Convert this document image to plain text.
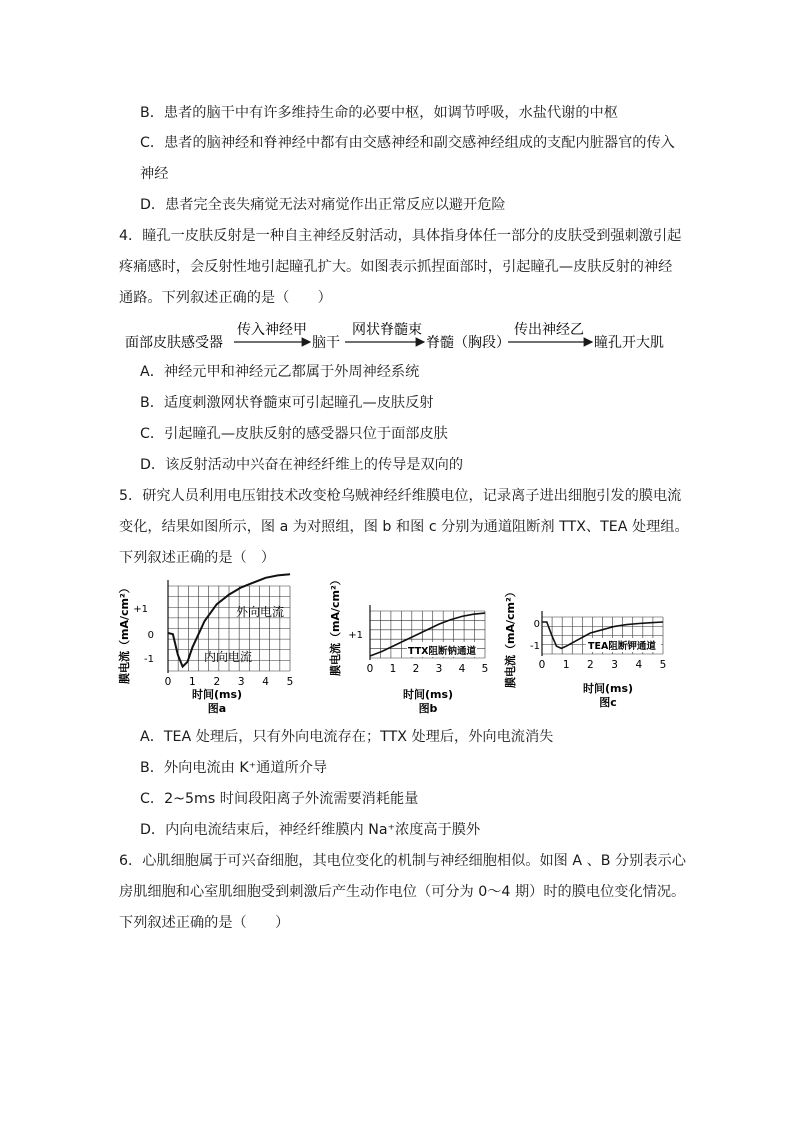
B．患者的脑干中有许多维持生命的必要中枢，如调节呼吸，水盐代谢的中枢
C．患者的脑神经和脊神经中都有由交感神经和副交感神经组成的支配内脏器官的传入
神经
D．患者完全丧失痛觉无法对痛觉作出正常反应以避开危险
4．瞳孔一皮肤反射是一种自主神经反射活动，具体指身体任一部分的皮肤受到强刺激引起
疼痛感时，会反射性地引起瞳孔扩大。如图表示抓捏面部时，引起瞳孔—皮肤反射的神经
通路。下列叙述正确的是（　　）
面部皮肤感受器
传入神经甲
脑干
网状脊髓束
脊髓（胸段）
传出神经乙
瞳孔开大肌
A．神经元甲和神经元乙都属于外周神经系统
B．适度刺激网状脊髓束可引起瞳孔—皮肤反射
C．引起瞳孔—皮肤反射的感受器只位于面部皮肤
D．该反射活动中兴奋在神经纤维上的传导是双向的
5．研究人员利用电压钳技术改变枪乌贼神经纤维膜电位，记录离子进出细胞引发的膜电流
变化，结果如图所示，图 a 为对照组，图 b 和图 c 分别为通道阻断剂 TTX、TEA 处理组。
下列叙述正确的是（　）
膜电流（mA/cm²） +1
0
-1
外向电流
内向电流
0 1 2 3 4 5
时间(ms)
图a
膜电流（mA/cm²） +1
TTX阻断钠通道
0 1 2 3 4 5
时间(ms)
图b
膜电流（mA/cm²） 0
-1	TEA阻断钾通道
0 1 2 3 4 5
时间(ms)
图c
A．TEA 处理后，只有外向电流存在；TTX 处理后，外向电流消失
B．外向电流由 K⁺通道所介导
C．2~5ms 时间段阳离子外流需要消耗能量
D．内向电流结束后，神经纤维膜内 Na⁺浓度高于膜外
6．心肌细胞属于可兴奋细胞，其电位变化的机制与神经细胞相似。如图 A 、B 分别表示心
房肌细胞和心室肌细胞受到刺激后产生动作电位（可分为 0～4 期）时的膜电位变化情况。
下列叙述正确的是（　　）
